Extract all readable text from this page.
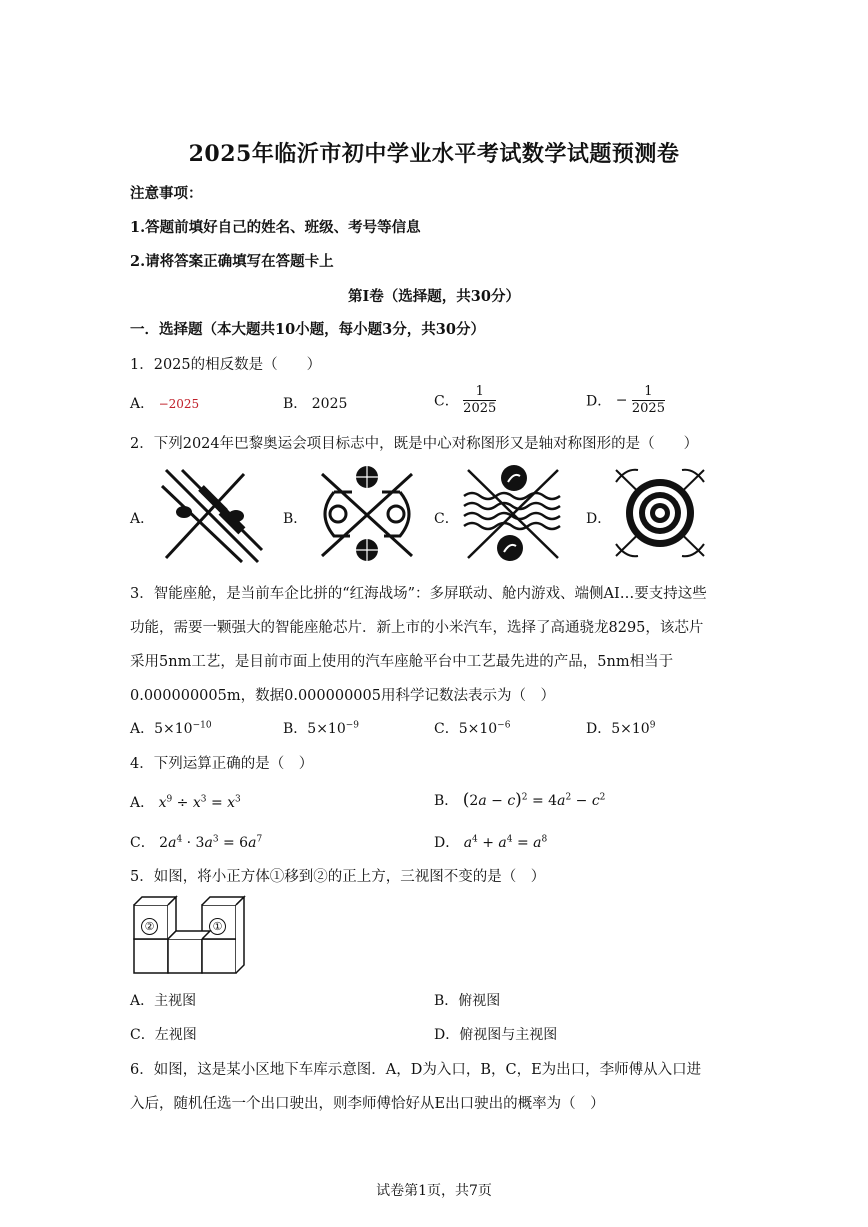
2025年临沂市初中学业水平考试数学试题预测卷
注意事项：
1.答题前填好自己的姓名、班级、考号等信息
2.请将答案正确填写在答题卡上
第I卷（选择题，共30分）
一．选择题（本大题共10小题，每小题3分，共30分）
1．2025的相反数是（　　）
A． −2025	B． 2025	C． $\frac{1}{2025}$	D． − $\frac{1}{2025}$
2．下列2024年巴黎奥运会项目标志中，既是中心对称图形又是轴对称图形的是（　　）
A．	B．	C．	D．
3．智能座舱，是当前车企比拼的“红海战场”：多屏联动、舱内游戏、端侧AI…要支持这些
功能，需要一颗强大的智能座舱芯片．新上市的小米汽车，选择了高通骁龙8295，该芯片
采用5nm工艺，是目前市面上使用的汽车座舱平台中工艺最先进的产品，5nm相当于
0.000000005m，数据0.000000005用科学记数法表示为（　）
A．$5\times 10^{-10}$	B．$5\times 10^{-9}$	C．$5\times 10^{-6}$	D．$5\times 10^9$
4．下列运算正确的是（　）
A． $x^9 \div x^3 = x^3$	B． $(2a - c)^2 = 4a^2 - c^2$
C． $2a^4 \cdot 3a^3 = 6a^7$	D． $a^4 + a^4 = a^8$
5．如图，将小正方体①移到②的正上方，三视图不变的是（　）
②	①
A．主视图	B．俯视图
C．左视图	D．俯视图与主视图
6．如图，这是某小区地下车库示意图．A，D为入口，B，C，E为出口，李师傅从入口进
入后，随机任选一个出口驶出，则李师傅恰好从E出口驶出的概率为（　）
试卷第1页，共7页
